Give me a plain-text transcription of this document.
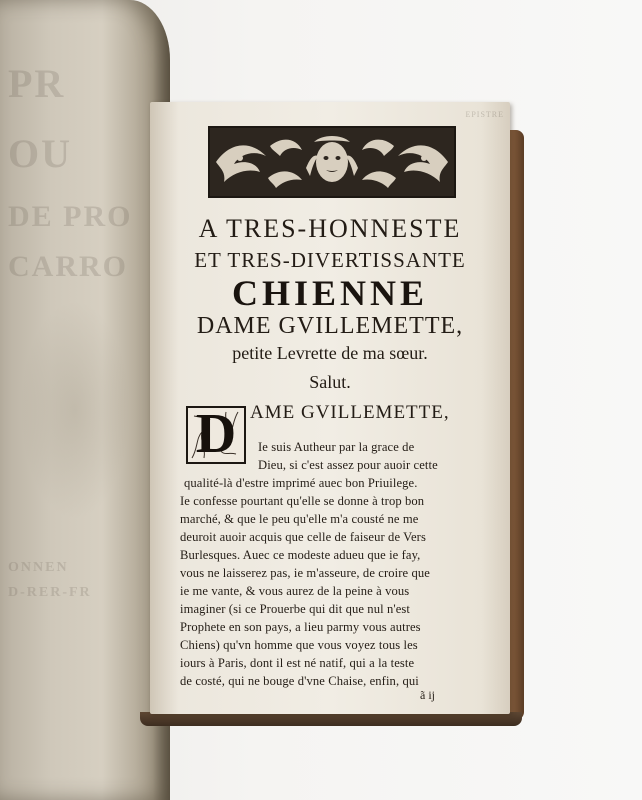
PR
OU
DE PRO
CARRO
ONNEN
D-RER-FR
EPISTRE
A TRES-HONNESTE
ET TRES-DIVERTISSANTE
CHIENNE
DAME GVILLEMETTE,
petite Levrette de ma sœur.
Salut.
D AME GVILLEMETTE,
Ie suis Autheur par la grace de
Dieu, si c'est assez pour auoir cette
qualité-là d'estre imprimé auec bon Priuilege.
Ie confesse pourtant qu'elle se donne à trop bon
marché, & que le peu qu'elle m'a cousté ne me
deuroit auoir acquis que celle de faiseur de Vers
Burlesques. Auec ce modeste adueu que ie fay,
vous ne laisserez pas, ie m'asseure, de croire que
ie me vante, & vous aurez de la peine à vous
imaginer (si ce Prouerbe qui dit que nul n'est
Prophete en son pays, a lieu parmy vous autres
Chiens) qu'vn homme que vous voyez tous les
iours à Paris, dont il est né natif, qui a la teste
de costé, qui ne bouge d'vne Chaise, enfin, qui
ã ij
